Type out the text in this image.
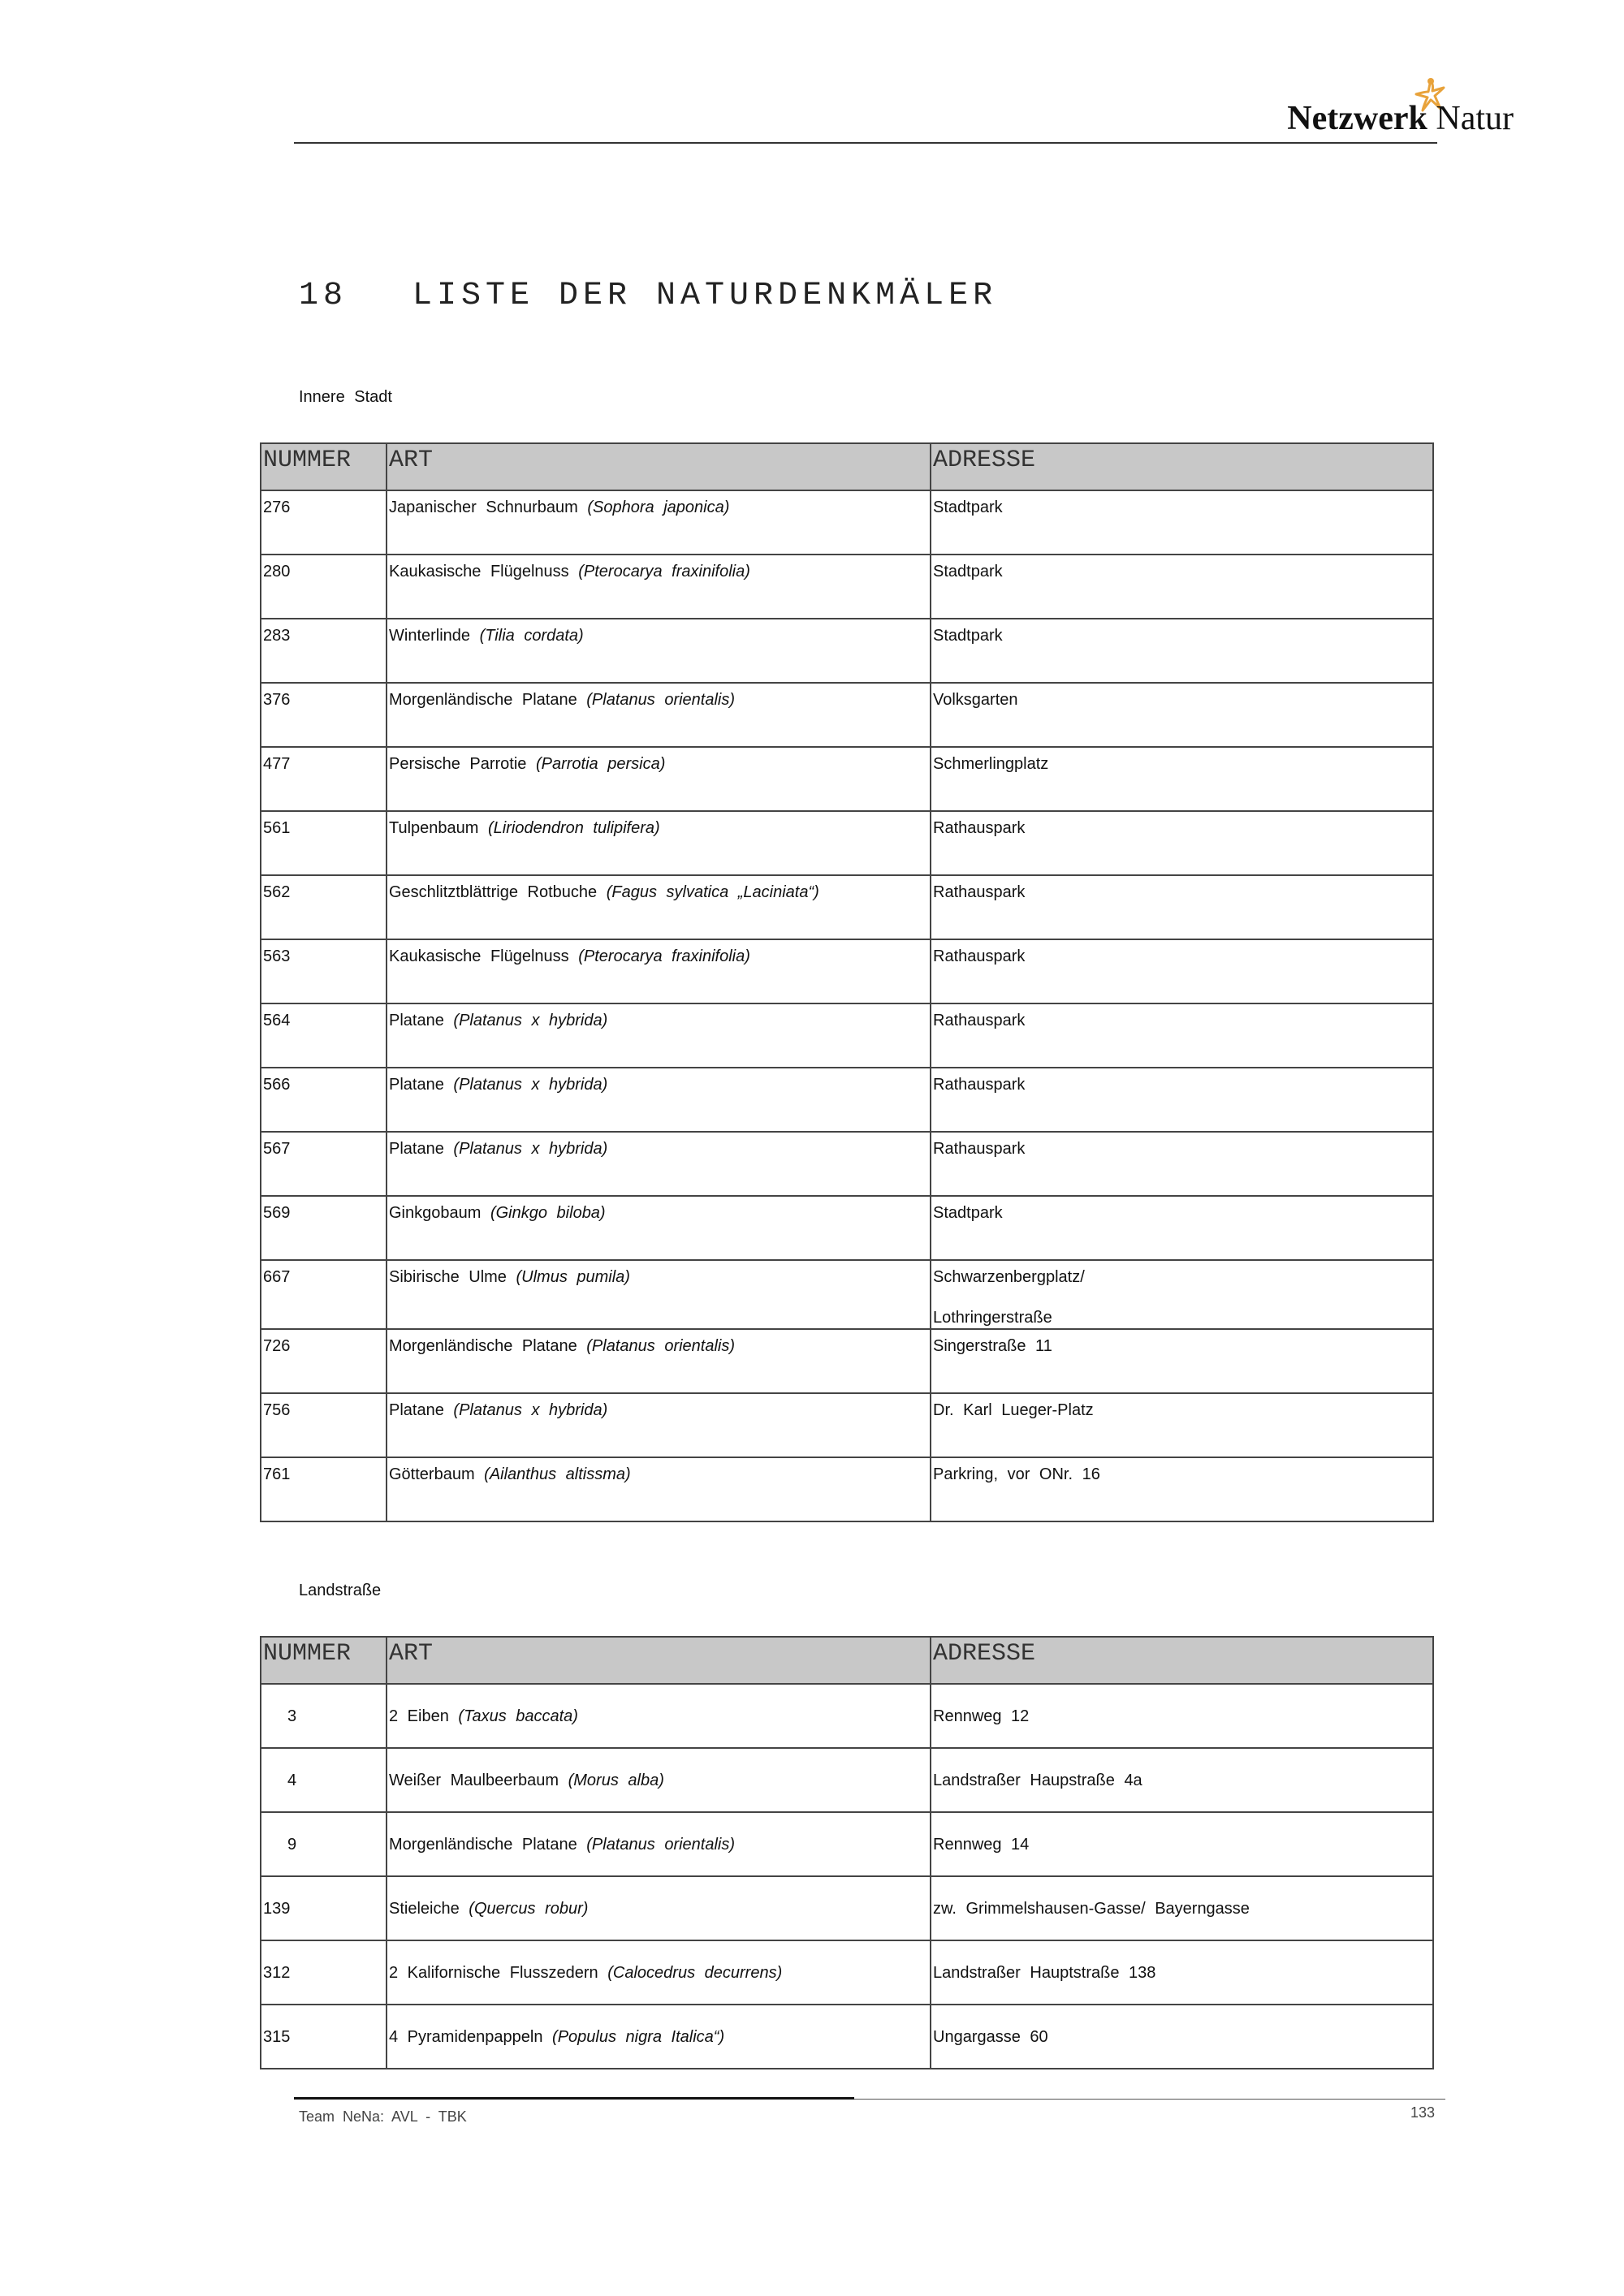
Netzwerk Natur
18 LISTE DER NATURDENKMÄLER
Innere Stadt
NUMMER	ART	ADRESSE
276	Japanischer Schnurbaum (Sophora japonica)	Stadtpark
280	Kaukasische Flügelnuss (Pterocarya fraxinifolia)	Stadtpark
283	Winterlinde (Tilia cordata)	Stadtpark
376	Morgenländische Platane (Platanus orientalis)	Volksgarten
477	Persische Parrotie (Parrotia persica)	Schmerlingplatz
561	Tulpenbaum (Liriodendron tulipifera)	Rathauspark
562	Geschlitztblättrige Rotbuche (Fagus sylvatica „Laciniata“)	Rathauspark
563	Kaukasische Flügelnuss (Pterocarya fraxinifolia)	Rathauspark
564	Platane (Platanus x hybrida)	Rathauspark
566	Platane (Platanus x hybrida)	Rathauspark
567	Platane (Platanus x hybrida)	Rathauspark
569	Ginkgobaum (Ginkgo biloba)	Stadtpark
667	Sibirische Ulme (Ulmus pumila)	Schwarzenbergplatz/
Lothringerstraße

726	Morgenländische Platane (Platanus orientalis)	Singerstraße 11
756	Platane (Platanus x hybrida)	Dr. Karl Lueger-Platz
761	Götterbaum (Ailanthus altissma)	Parkring, vor ONr. 16
Landstraße
NUMMER	ART	ADRESSE
3	2 Eiben (Taxus baccata)	Rennweg 12
4	Weißer Maulbeerbaum (Morus alba)	Landstraßer Haupstraße 4a
9	Morgenländische Platane (Platanus orientalis)	Rennweg 14
139	Stieleiche (Quercus robur)	zw. Grimmelshausen-Gasse/ Bayerngasse
312	2 Kalifornische Flusszedern (Calocedrus decurrens)	Landstraßer Hauptstraße 138
315	4 Pyramidenpappeln (Populus nigra Italica“)	Ungargasse 60
Team NeNa: AVL - TBK	133
